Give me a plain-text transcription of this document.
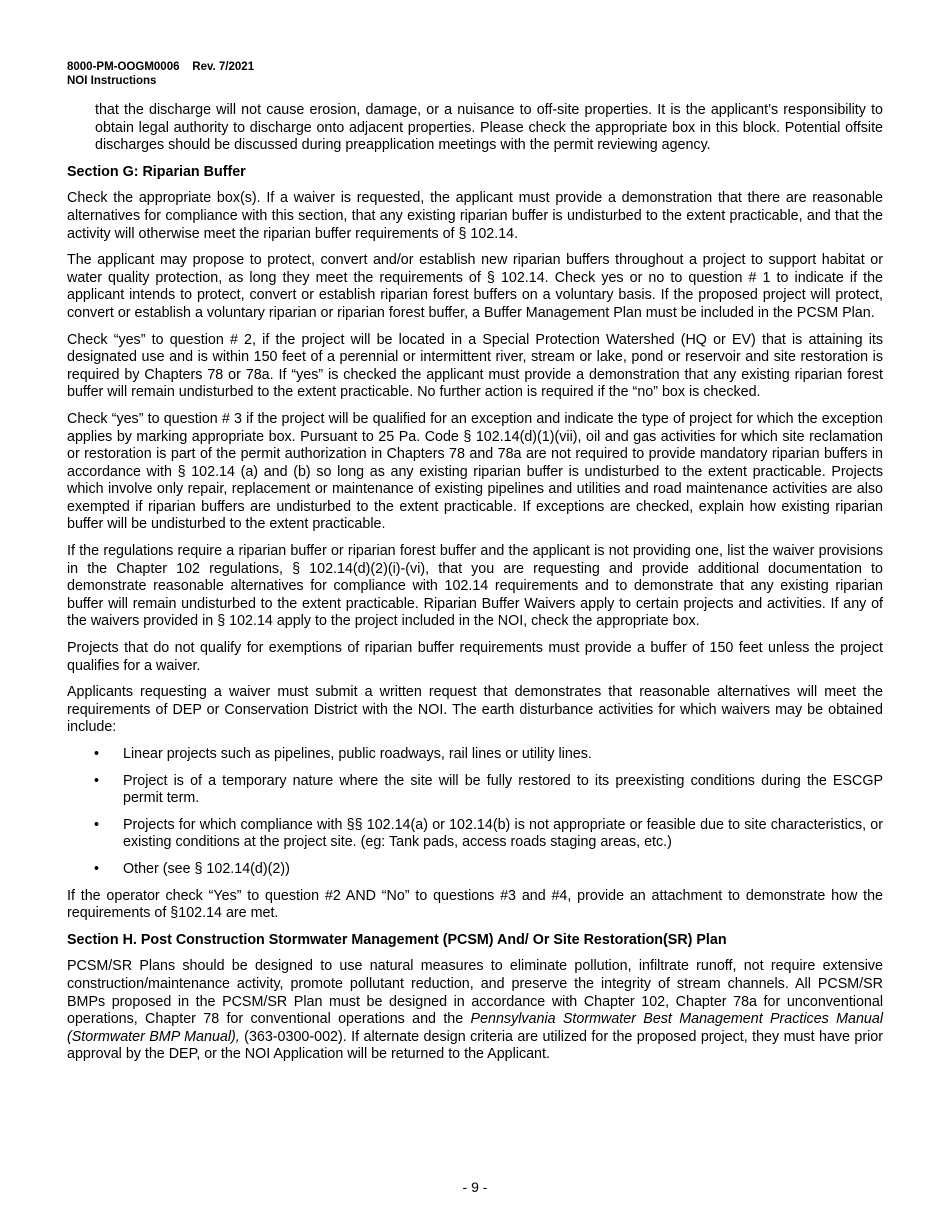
8000-PM-OOGM0006 Rev. 7/2021
NOI Instructions

that the discharge will not cause erosion, damage, or a nuisance to off-site properties. It is the applicant’s responsibility to obtain legal authority to discharge onto adjacent properties. Please check the appropriate box in this block. Potential offsite discharges should be discussed during preapplication meetings with the permit reviewing agency.

Section G: Riparian Buffer

Check the appropriate box(s). If a waiver is requested, the applicant must provide a demonstration that there are reasonable alternatives for compliance with this section, that any existing riparian buffer is undisturbed to the extent practicable, and that the activity will otherwise meet the riparian buffer requirements of § 102.14.

The applicant may propose to protect, convert and/or establish new riparian buffers throughout a project to support habitat or water quality protection, as long they meet the requirements of § 102.14. Check yes or no to question # 1 to indicate if the applicant intends to protect, convert or establish riparian forest buffers on a voluntary basis. If the proposed project will protect, convert or establish a voluntary riparian or riparian forest buffer, a Buffer Management Plan must be included in the PCSM Plan.

Check “yes” to question # 2, if the project will be located in a Special Protection Watershed (HQ or EV) that is attaining its designated use and is within 150 feet of a perennial or intermittent river, stream or lake, pond or reservoir and site restoration is required by Chapters 78 or 78a. If “yes” is checked the applicant must provide a demonstration that any existing riparian forest buffer will remain undisturbed to the extent practicable. No further action is required if the “no” box is checked.

Check “yes” to question # 3 if the project will be qualified for an exception and indicate the type of project for which the exception applies by marking appropriate box. Pursuant to 25 Pa. Code § 102.14(d)(1)(vii), oil and gas activities for which site reclamation or restoration is part of the permit authorization in Chapters 78 and 78a are not required to provide mandatory riparian buffers in accordance with § 102.14 (a) and (b) so long as any existing riparian buffer is undisturbed to the extent practicable. Projects which involve only repair, replacement or maintenance of existing pipelines and utilities and road maintenance activities are also exempted if riparian buffers are undisturbed to the extent practicable. If exceptions are checked, explain how existing riparian buffer will be undisturbed to the extent practicable.

If the regulations require a riparian buffer or riparian forest buffer and the applicant is not providing one, list the waiver provisions in the Chapter 102 regulations, § 102.14(d)(2)(i)-(vi), that you are requesting and provide additional documentation to demonstrate reasonable alternatives for compliance with 102.14 requirements and to demonstrate that any existing riparian buffer will remain undisturbed to the extent practicable. Riparian Buffer Waivers apply to certain projects and activities. If any of the waivers provided in § 102.14 apply to the project included in the NOI, check the appropriate box.

Projects that do not qualify for exemptions of riparian buffer requirements must provide a buffer of 150 feet unless the project qualifies for a waiver.

Applicants requesting a waiver must submit a written request that demonstrates that reasonable alternatives will meet the requirements of DEP or Conservation District with the NOI. The earth disturbance activities for which waivers may be obtained include:

• Linear projects such as pipelines, public roadways, rail lines or utility lines.
• Project is of a temporary nature where the site will be fully restored to its preexisting conditions during the ESCGP permit term.
• Projects for which compliance with §§ 102.14(a) or 102.14(b) is not appropriate or feasible due to site characteristics, or existing conditions at the project site. (eg: Tank pads, access roads staging areas, etc.)
• Other (see § 102.14(d)(2))

If the operator check “Yes” to question #2 AND “No” to questions #3 and #4, provide an attachment to demonstrate how the requirements of §102.14 are met.

Section H. Post Construction Stormwater Management (PCSM) And/ Or Site Restoration(SR) Plan

PCSM/SR Plans should be designed to use natural measures to eliminate pollution, infiltrate runoff, not require extensive construction/maintenance activity, promote pollutant reduction, and preserve the integrity of stream channels. All PCSM/SR BMPs proposed in the PCSM/SR Plan must be designed in accordance with Chapter 102, Chapter 78a for unconventional operations, Chapter 78 for conventional operations and the Pennsylvania Stormwater Best Management Practices Manual (Stormwater BMP Manual), (363-0300-002). If alternate design criteria are utilized for the proposed project, they must have prior approval by the DEP, or the NOI Application will be returned to the Applicant.

- 9 -
